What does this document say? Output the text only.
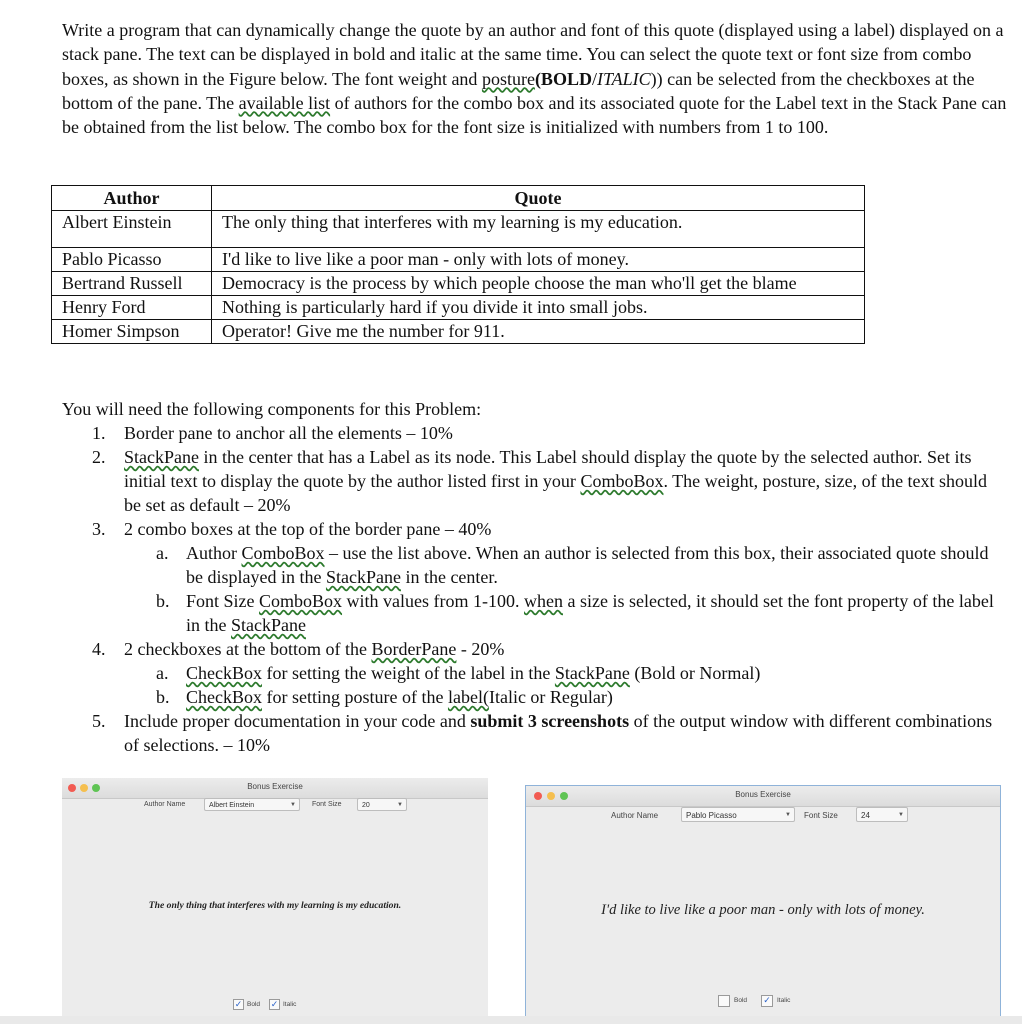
Write a program that can dynamically change the quote by an author and font of this quote (displayed using a label) displayed on a stack pane. The text can be displayed in bold and italic at the same time. You can select the quote text or font size from combo boxes, as shown in the Figure below. The font weight and posture(BOLD/ITALIC)) can be selected from the checkboxes at the bottom of the pane. The available list of authors for the combo box and its associated quote for the Label text in the Stack Pane can be obtained from the list below. The combo box for the font size is initialized with numbers from 1 to 100.

Author	Quote
Albert Einstein	The only thing that interferes with my learning is my education.
Pablo Picasso	I'd like to live like a poor man - only with lots of money.
Bertrand Russell	Democracy is the process by which people choose the man who'll get the blame
Henry Ford	Nothing is particularly hard if you divide it into small jobs.
Homer Simpson	Operator! Give me the number for 911.

You will need the following components for this Problem:

1. Border pane to anchor all the elements – 10%
2. StackPane in the center that has a Label as its node. This Label should display the quote by the selected author. Set its initial text to display the quote by the author listed first in your ComboBox. The weight, posture, size, of the text should be set as default – 20%
3. 2 combo boxes at the top of the border pane – 40%
a. Author ComboBox – use the list above. When an author is selected from this box, their associated quote should be displayed in the StackPane in the center.
b. Font Size ComboBox with values from 1-100. when a size is selected, it should set the font property of the label in the StackPane
4. 2 checkboxes at the bottom of the BorderPane - 20%
a. CheckBox for setting the weight of the label in the StackPane (Bold or Normal)
b. CheckBox for setting posture of the label(Italic or Regular)
5. Include proper documentation in your code and submit 3 screenshots of the output window with different combinations of selections. – 10%
Bonus Exercise
Author Name	Albert Einstein	▼ Font Size	20	▼
The only thing that interferes with my learning is my education.
✓ Bold ✓ Italic
Bonus Exercise
Author Name	Pablo Picasso	▼ Font Size	24	▼
I'd like to live like a poor man - only with lots of money.
Bold ✓ Italic
